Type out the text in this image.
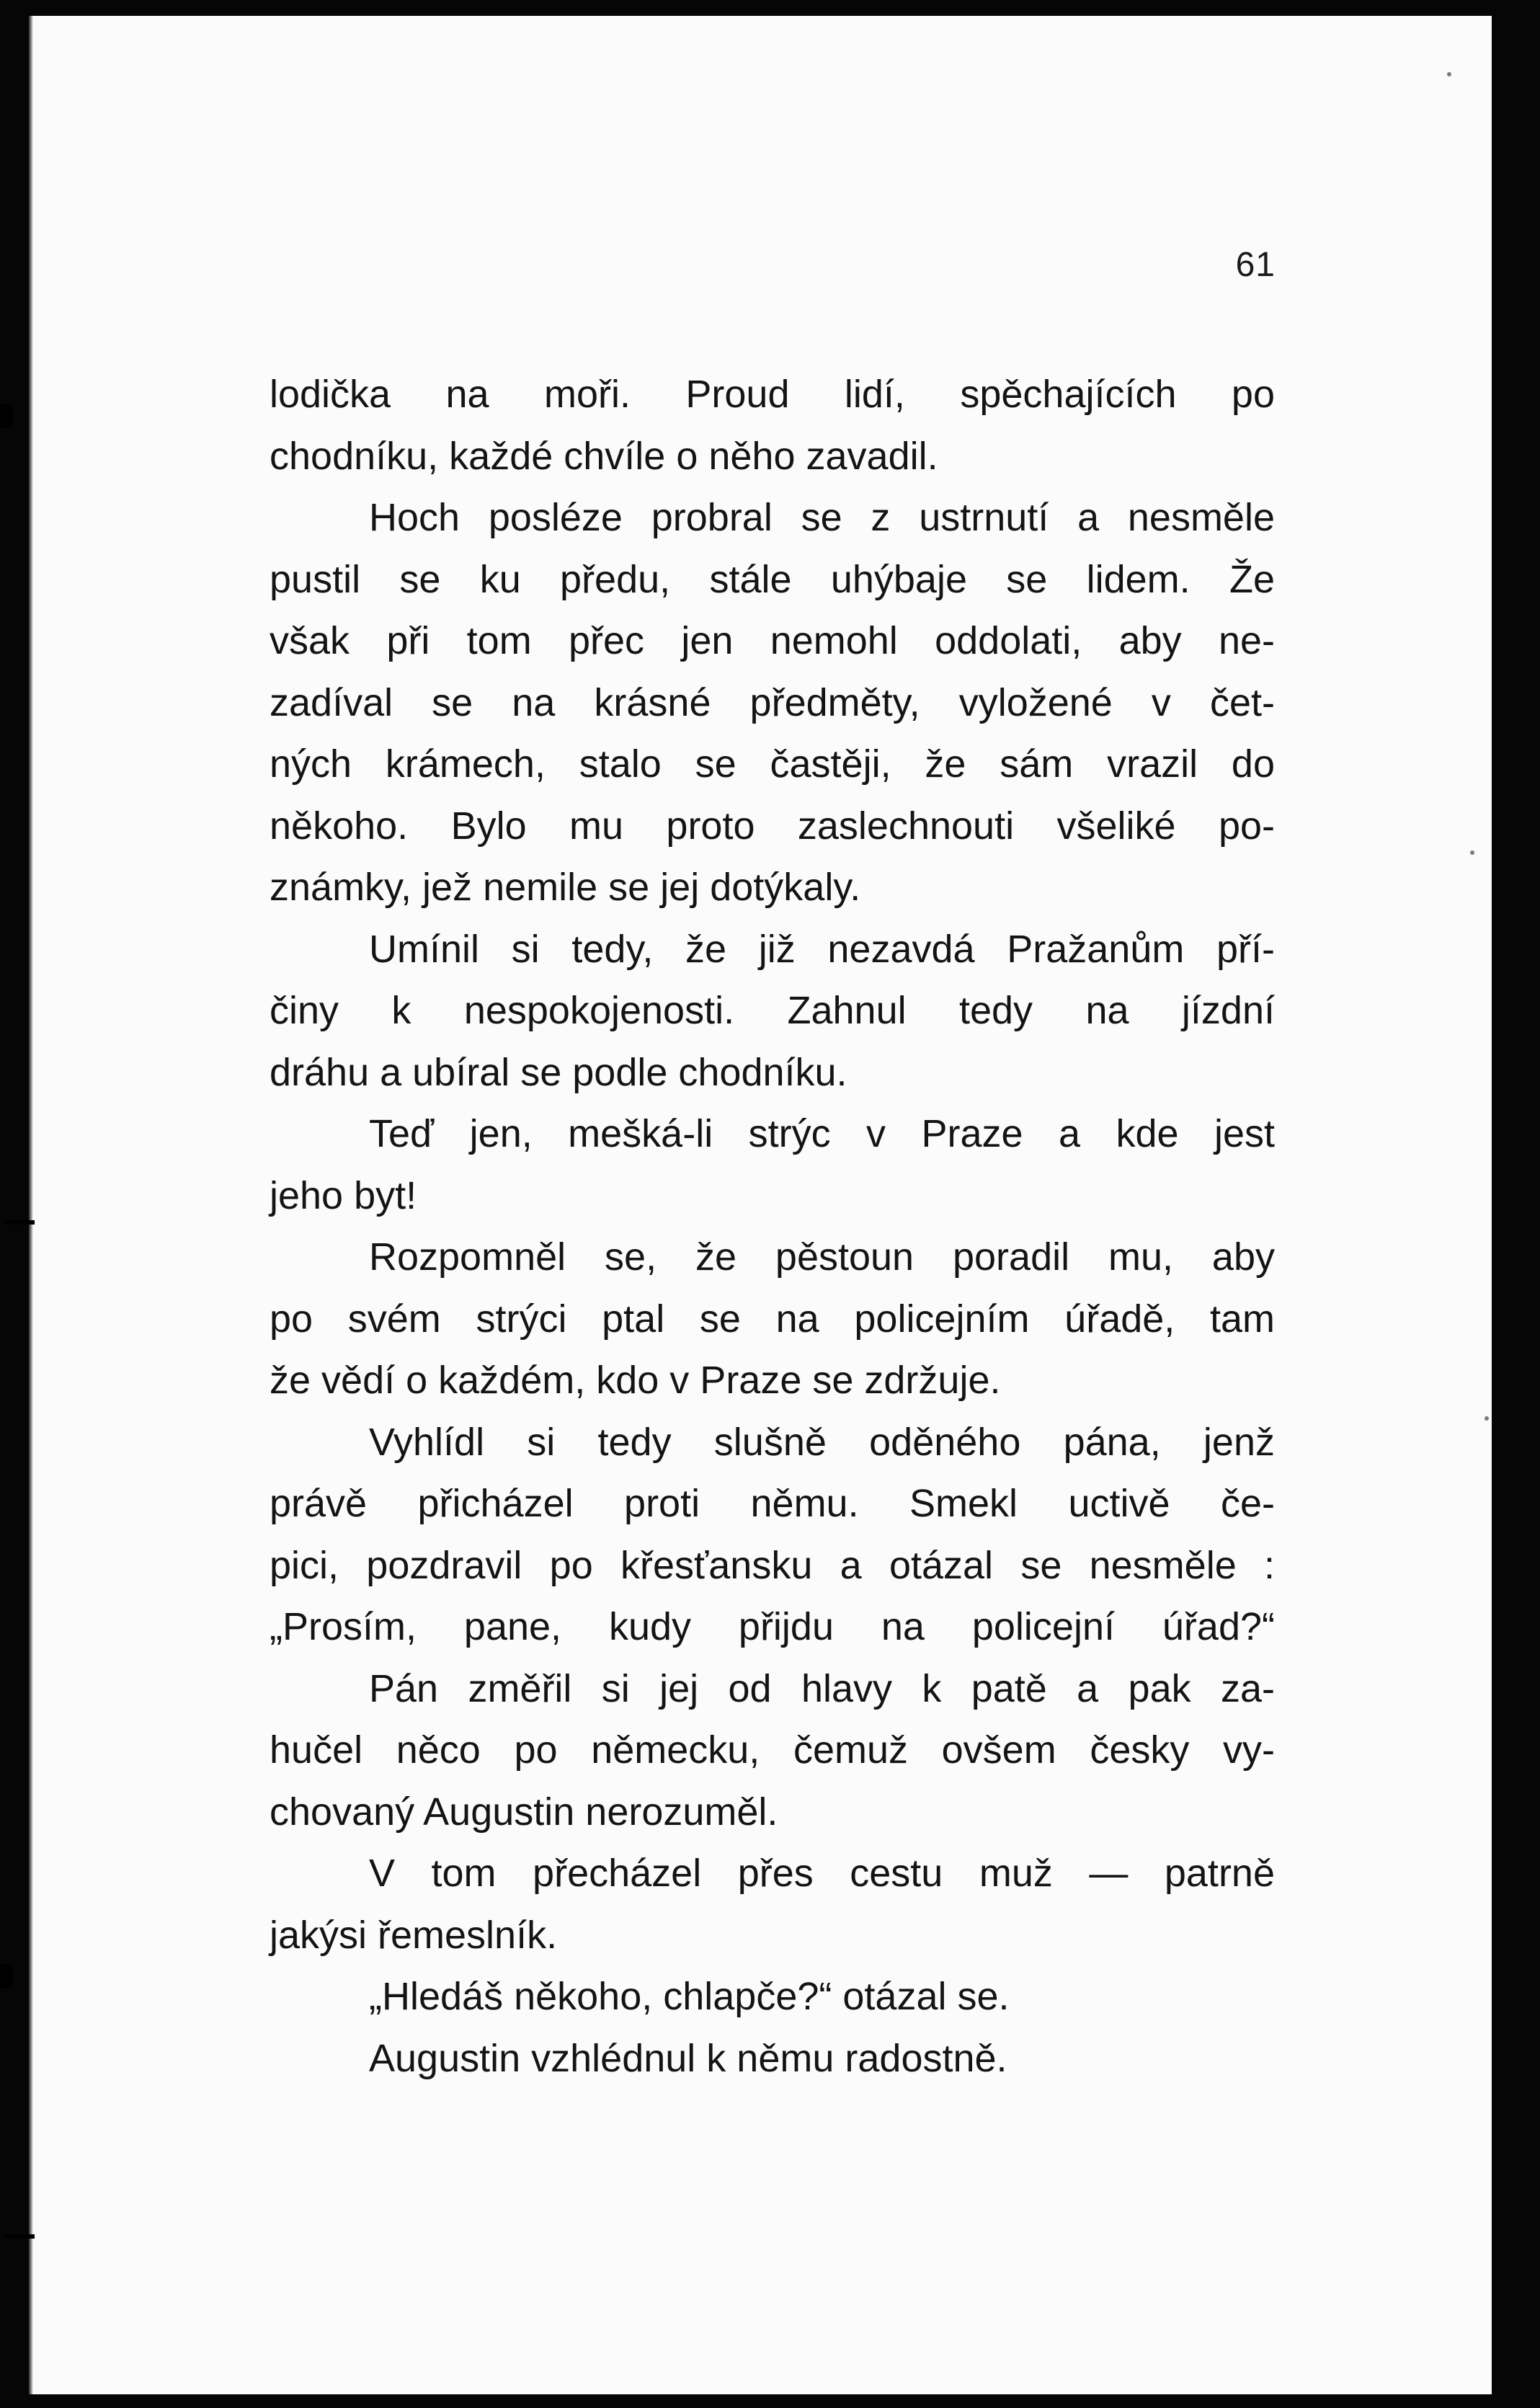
61
lodička na moři. Proud lidí, spěchajících po
chodníku, každé chvíle o něho zavadil.
Hoch posléze probral se z ustrnutí a nesměle
pustil se ku předu, stále uhýbaje se lidem. Že
však při tom přec jen nemohl oddolati, aby ne-
zadíval se na krásné předměty, vyložené v čet-
ných krámech, stalo se častěji, že sám vrazil do
někoho. Bylo mu proto zaslechnouti všeliké po-
známky, jež nemile se jej dotýkaly.
Umínil si tedy, že již nezavdá Pražanům pří-
činy k nespokojenosti. Zahnul tedy na jízdní
dráhu a ubíral se podle chodníku.
Teď jen, mešká-li strýc v Praze a kde jest
jeho byt!
Rozpomněl se, že pěstoun poradil mu, aby
po svém strýci ptal se na policejním úřadě, tam
že vědí o každém, kdo v Praze se zdržuje.
Vyhlídl si tedy slušně oděného pána, jenž
právě přicházel proti němu. Smekl uctivě če-
pici, pozdravil po křesťansku a otázal se nesměle :
„Prosím, pane, kudy přijdu na policejní úřad?“
Pán změřil si jej od hlavy k patě a pak za-
hučel něco po německu, čemuž ovšem česky vy-
chovaný Augustin nerozuměl.
V tom přecházel přes cestu muž — patrně
jakýsi řemeslník.
„Hledáš někoho, chlapče?“ otázal se.
Augustin vzhlédnul k němu radostně.
